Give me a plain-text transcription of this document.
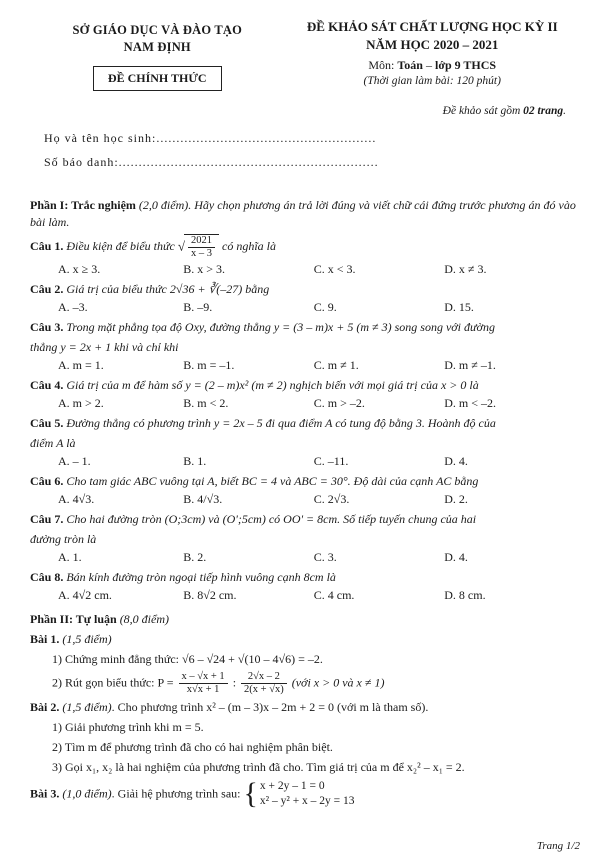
SỞ GIÁO DỤC VÀ ĐÀO TẠO
NAM ĐỊNH
ĐỀ CHÍNH THỨC
ĐỀ KHẢO SÁT CHẤT LƯỢNG HỌC KỲ II
NĂM HỌC 2020 – 2021
Môn: Toán – lớp 9 THCS
(Thời gian làm bài: 120 phút)
Đề khảo sát gồm 02 trang.
Họ và tên học sinh:.......................................................
Số báo danh:.................................................................
Phần I: Trắc nghiệm (2,0 điểm). Hãy chọn phương án trả lời đúng và viết chữ cái đứng trước phương án đó vào bài làm.
Câu 1. Điều kiện để biểu thức √ $\frac{2021}{x - 3}$ có nghĩa là
A. x ≥ 3.	B. x > 3.	C. x < 3.	D. x ≠ 3.
Câu 2. Giá trị của biểu thức 2√36 + ∛(–27) bằng
A. –3.	B. –9.	C. 9.	D. 15.
Câu 3. Trong mặt phẳng tọa độ Oxy, đường thẳng y = (3 – m)x + 5 (m ≠ 3) song song với đường
thẳng y = 2x + 1 khi và chỉ khi
A. m = 1.	B. m = –1.	C. m ≠ 1.	D. m ≠ –1.
Câu 4. Giá trị của m để hàm số y = (2 – m)x² (m ≠ 2) nghịch biến với mọi giá trị của x > 0 là
A. m > 2.	B. m < 2.	C. m > –2.	D. m < –2.
Câu 5. Đường thẳng có phương trình y = 2x – 5 đi qua điểm A có tung độ bằng 3. Hoành độ của
điểm A là
A. – 1.	B. 1.	C. –11.	D. 4.
Câu 6. Cho tam giác ABC vuông tại A, biết BC = 4 và ABC = 30°. Độ dài của cạnh AC bằng
A. 4√3.	B. 4/√3.	C. 2√3.	D. 2.
Câu 7. Cho hai đường tròn (O;3cm) và (O';5cm) có OO' = 8cm. Số tiếp tuyến chung của hai
đường tròn là
A. 1.	B. 2.	C. 3.	D. 4.
Câu 8. Bán kính đường tròn ngoại tiếp hình vuông cạnh 8cm là
A. 4√2 cm.	B. 8√2 cm.	C. 4 cm.	D. 8 cm.
Phần II: Tự luận (8,0 điểm)
Bài 1. (1,5 điểm)
1) Chứng minh đẳng thức: √6 – √24 + √(10 – 4√6) = –2.
2) Rút gọn biểu thức: $P = \frac{x - √x + 1}{x√x + 1}$ : $\frac{2√x - 2}{2(x + √x)}$ (với x > 0 và x ≠ 1)
Bài 2. (1,5 điểm). Cho phương trình x² – (m – 3)x – 2m + 2 = 0 (với m là tham số).
1) Giải phương trình khi m = 5.
2) Tìm m để phương trình đã cho có hai nghiệm phân biệt.
3) Gọi x₁, x₂ là hai nghiệm của phương trình đã cho. Tìm giá trị của m để x₂² – x₁ = 2.
Bài 3. (1,0 điểm). Giải hệ phương trình sau: { x + 2y – 1 = 0
x² – y² + x – 2y = 13
Trang 1/2
